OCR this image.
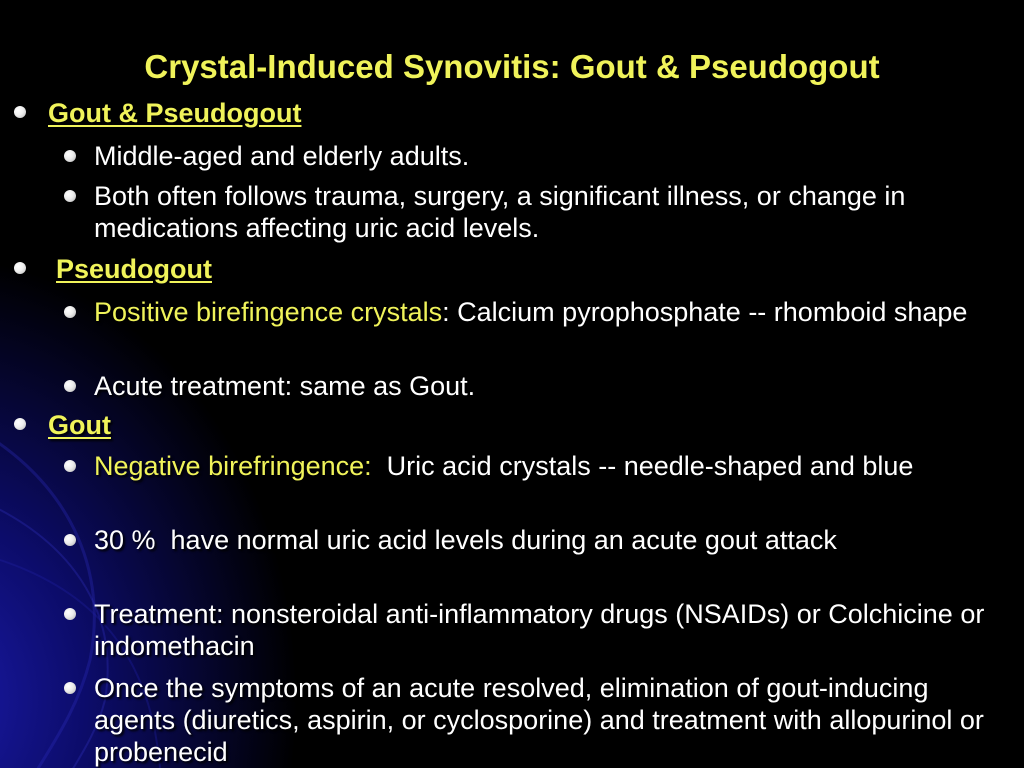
Crystal-Induced Synovitis: Gout & Pseudogout
Gout & Pseudogout
Middle-aged and elderly adults.
Both often follows trauma, surgery, a significant illness, or change in medications affecting uric acid levels.
Pseudogout
Positive birefingence crystals: Calcium pyrophosphate -- rhomboid shape
Acute treatment: same as Gout.
Gout
Negative birefringence:  Uric acid crystals -- needle-shaped and blue
30 %  have normal uric acid levels during an acute gout attack
Treatment: nonsteroidal anti-inflammatory drugs (NSAIDs) or Colchicine or indomethacin
Once the symptoms of an acute resolved, elimination of gout-inducing agents (diuretics, aspirin, or cyclosporine) and treatment with allopurinol or probenecid
